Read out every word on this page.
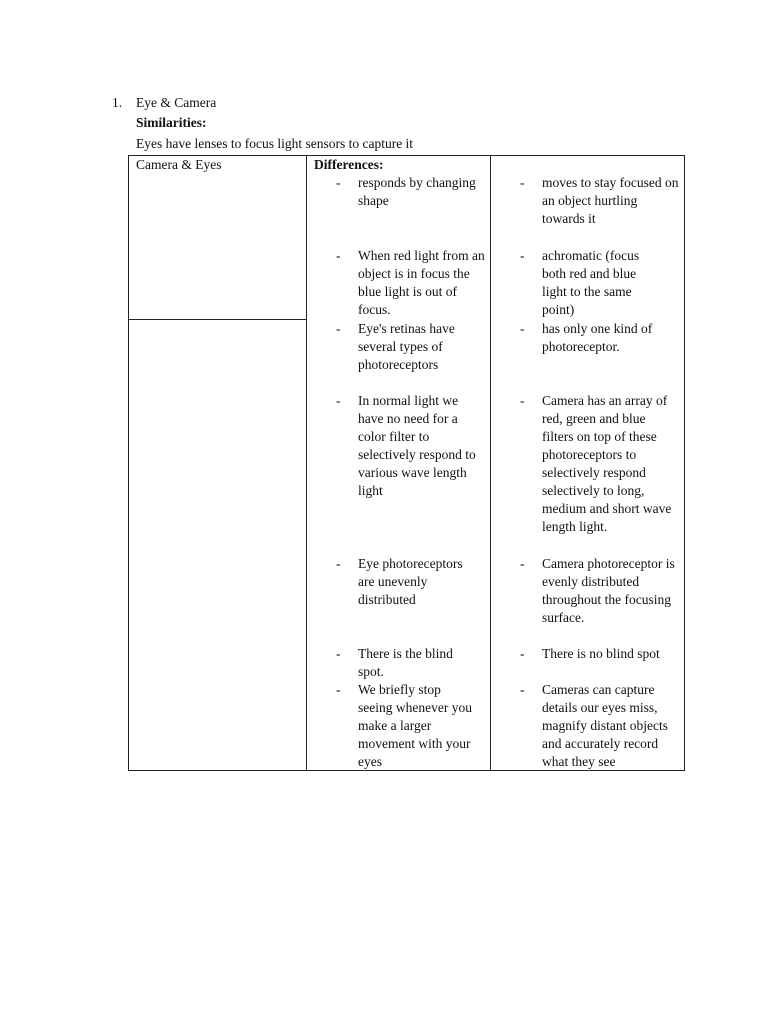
1. Eye & Camera
Similarities:
Eyes have lenses to focus light sensors to capture it
Camera & Eyes	Differences:
- responds by changing shape
- When red light from an object is in focus the blue light is out of focus.
- Eye's retinas have several types of photoreceptors
- In normal light we have no need for a color filter to selectively respond to various wave length light
- Eye photoreceptors are unevenly distributed
- There is the blind spot.
- We briefly stop seeing whenever you make a larger movement with your eyes
- moves to stay focused on an object hurtling towards it
- achromatic (focus both red and blue light to the same point)
- has only one kind of photoreceptor.
- Camera has an array of red, green and blue filters on top of these photoreceptors to selectively respond selectively to long, medium and short wave length light.
- Camera photoreceptor is evenly distributed throughout the focusing surface.
- There is no blind spot
- Cameras can capture details our eyes miss, magnify distant objects and accurately record what they see
